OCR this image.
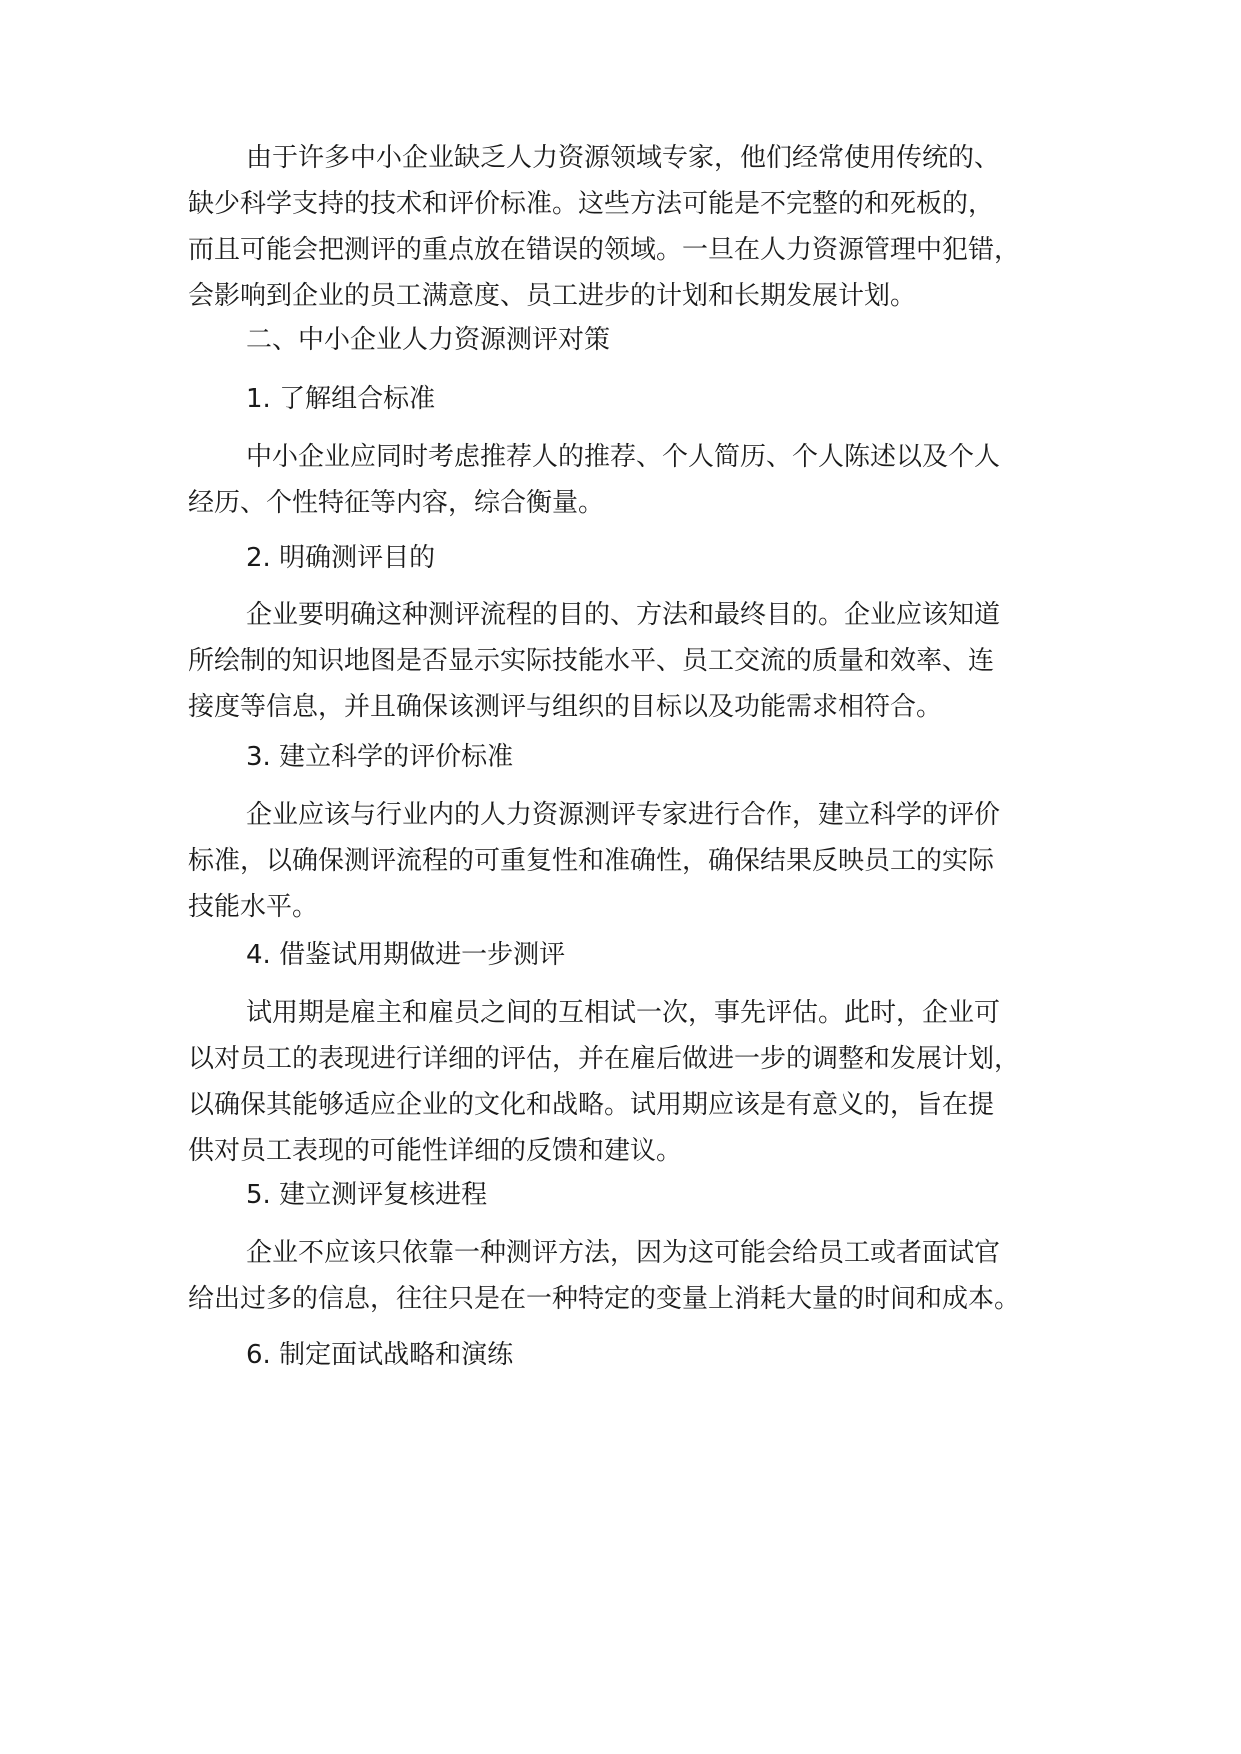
由于许多中小企业缺乏人力资源领域专家，他们经常使用传统的、
缺少科学支持的技术和评价标准。这些方法可能是不完整的和死板的，
而且可能会把测评的重点放在错误的领域。一旦在人力资源管理中犯错，
会影响到企业的员工满意度、员工进步的计划和长期发展计划。
二、中小企业人力资源测评对策
1. 了解组合标准
中小企业应同时考虑推荐人的推荐、个人简历、个人陈述以及个人
经历、个性特征等内容，综合衡量。
2. 明确测评目的
企业要明确这种测评流程的目的、方法和最终目的。企业应该知道
所绘制的知识地图是否显示实际技能水平、员工交流的质量和效率、连
接度等信息，并且确保该测评与组织的目标以及功能需求相符合。
3. 建立科学的评价标准
企业应该与行业内的人力资源测评专家进行合作，建立科学的评价
标准，以确保测评流程的可重复性和准确性，确保结果反映员工的实际
技能水平。
4. 借鉴试用期做进一步测评
试用期是雇主和雇员之间的互相试一次，事先评估。此时，企业可
以对员工的表现进行详细的评估，并在雇后做进一步的调整和发展计划，
以确保其能够适应企业的文化和战略。试用期应该是有意义的，旨在提
供对员工表现的可能性详细的反馈和建议。
5. 建立测评复核进程
企业不应该只依靠一种测评方法，因为这可能会给员工或者面试官
给出过多的信息，往往只是在一种特定的变量上消耗大量的时间和成本。
6. 制定面试战略和演练
